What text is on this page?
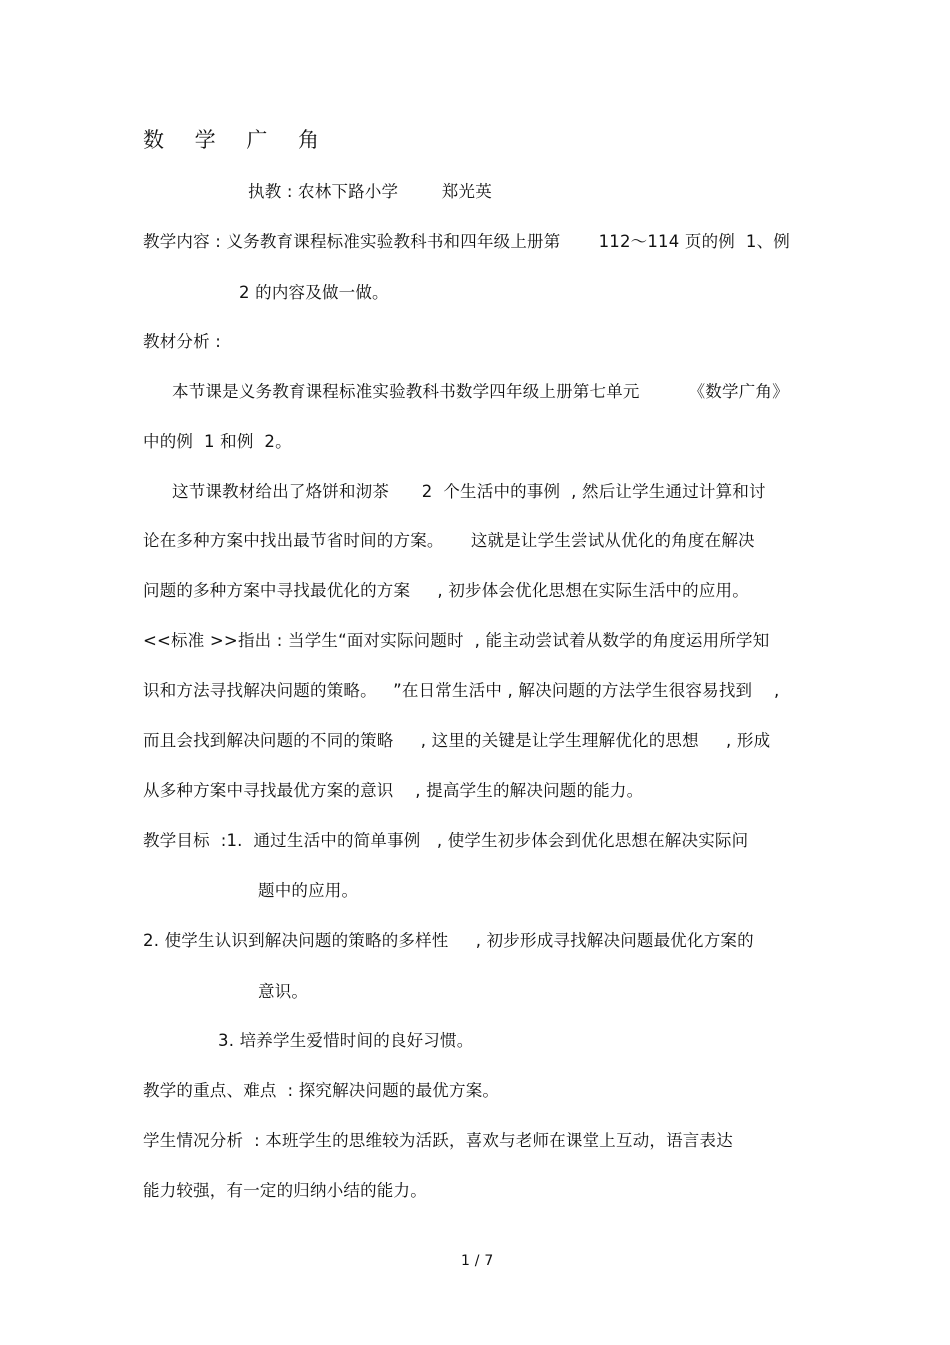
数 学 广 角
执教 : 农林下路小学        郑光英
教学内容 : 义务教育课程标准实验教科书和四年级上册第       112～114 页的例  1、例
2 的内容及做一做。
教材分析 :
本节课是义务教育课程标准实验教科书数学四年级上册第七单元         《数学广角》
中的例  1 和例  2。
这节课教材给出了烙饼和沏茶      2  个生活中的事例  , 然后让学生通过计算和讨
论在多种方案中找出最节省时间的方案。     这就是让学生尝试从优化的角度在解决
问题的多种方案中寻找最优化的方案     , 初步体会优化思想在实际生活中的应用。
<<标准 >>指出 : 当学生“面对实际问题时  , 能主动尝试着从数学的角度运用所学知
识和方法寻找解决问题的策略。   ”在日常生活中 , 解决问题的方法学生很容易找到    ,
而且会找到解决问题的不同的策略     , 这里的关键是让学生理解优化的思想     , 形成
从多种方案中寻找最优方案的意识    , 提高学生的解决问题的能力。
教学目标  :1.  通过生活中的简单事例   , 使学生初步体会到优化思想在解决实际问
题中的应用。
2. 使学生认识到解决问题的策略的多样性     , 初步形成寻找解决问题最优化方案的
意识。
3. 培养学生爱惜时间的良好习惯。
教学的重点、难点  : 探究解决问题的最优方案。
学生情况分析  : 本班学生的思维较为活跃，喜欢与老师在课堂上互动，语言表达
能力较强，有一定的归纳小结的能力。
1 / 7
